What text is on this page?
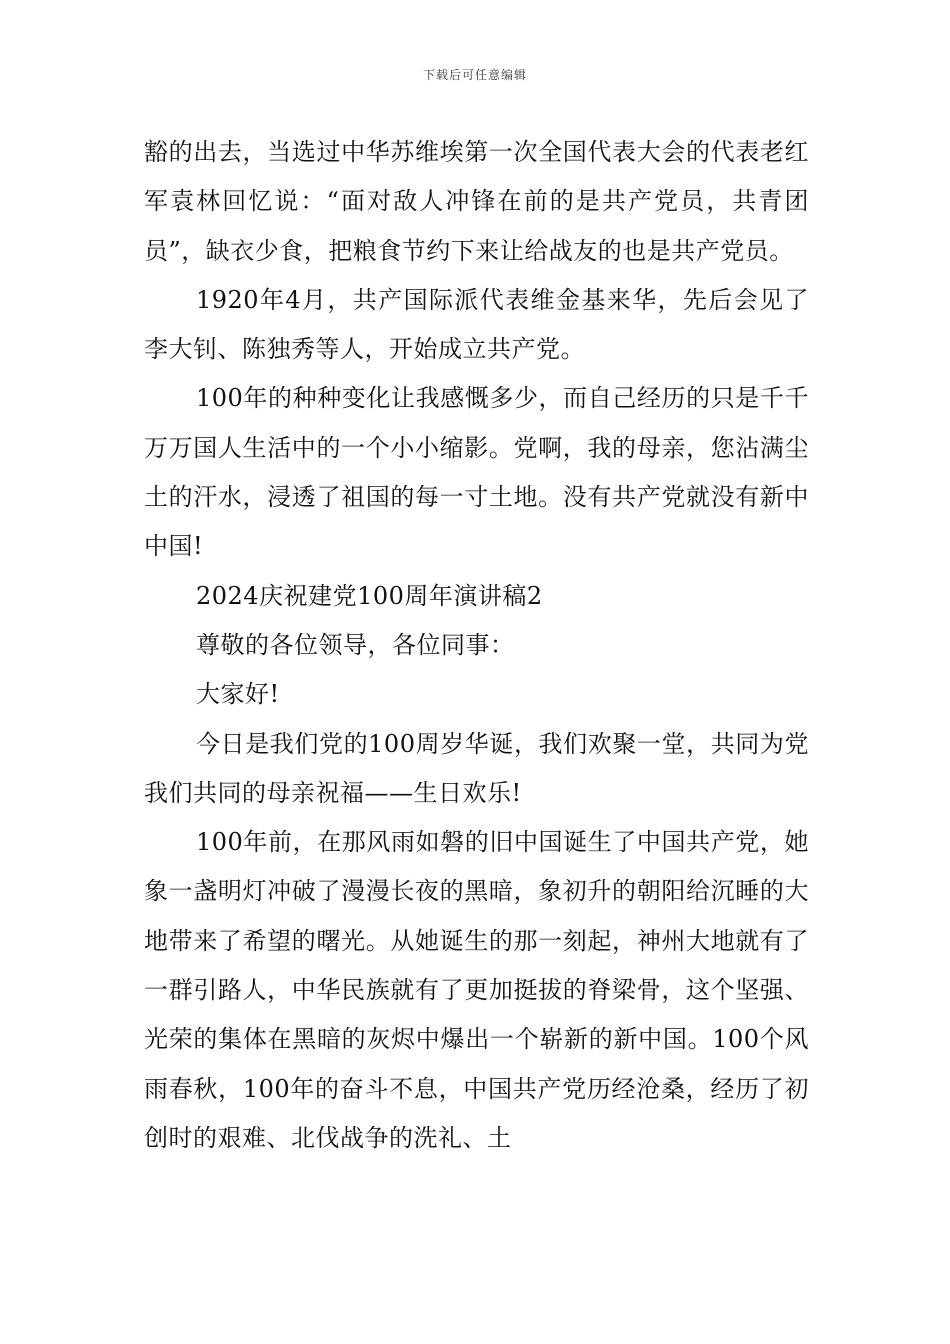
下载后可任意编辑

豁的出去，当选过中华苏维埃第一次全国代表大会的代表老红军袁林回忆说：“面对敌人冲锋在前的是共产党员，共青团员”，缺衣少食，把粮食节约下来让给战友的也是共产党员。

1920年4月，共产国际派代表维金基来华，先后会见了李大钊、陈独秀等人，开始成立共产党。

100年的种种变化让我感慨多少，而自己经历的只是千千万万国人生活中的一个小小缩影。党啊，我的母亲，您沾满尘土的汗水，浸透了祖国的每一寸土地。没有共产党就没有新中中国!

2024庆祝建党100周年演讲稿2

尊敬的各位领导，各位同事：

大家好!

今日是我们党的100周岁华诞，我们欢聚一堂，共同为党我们共同的母亲祝福——生日欢乐!

100年前，在那风雨如磐的旧中国诞生了中国共产党，她象一盏明灯冲破了漫漫长夜的黑暗，象初升的朝阳给沉睡的大地带来了希望的曙光。从她诞生的那一刻起，神州大地就有了一群引路人，中华民族就有了更加挺拔的脊梁骨，这个坚强、光荣的集体在黑暗的灰烬中爆出一个崭新的新中国。100个风雨春秋，100年的奋斗不息，中国共产党历经沧桑，经历了初创时的艰难、北伐战争的洗礼、土
